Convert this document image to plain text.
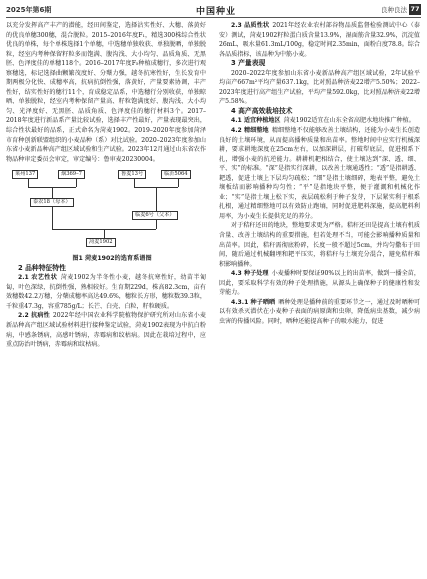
2025年第6期	中国种业	良种良法 77

以充分发挥高产丰产的潜能，经田间鉴定，选择沾实性好、大穗、落黄好的优良单穗300穗，混合脱粒。2015–2016年度F₁，精选300株综合性状优良的单株，每个单株选择1个单穗，中选穗单独收获、单独脱晒，单独脱粒，经室内考种保留籽粒多而饱满、腹沟浅、大小均匀、品质角质、无黑胚、色泽度佳的单穗118个。2016–2017年度F₅种植成穗行，多次进行观察穗选，标记选择曲颗繁茂度好、分蘖力强，越冬抗寒性好，生长发育中期两极分化快、成穗率高，抗病抗倒性强，落黄好，产量要素协调，丰产性好，结实性好的穗行11个，育成稳定品系，中选穗行分别收获，单独晾晒、单独脱粒，经室内考种保留产量高、籽粒饱满度好、腹沟浅、大小均匀、光泽度好、无黑胚、品质角质、色泽度佳的穗行材料3个。2017–2018年度进行新品系产量比较试验，选择丰产性最好，产量表现最突出，综合性状最好的品系，正式命名为菏麦1902。2019–2020年度参加菏泽市育种创新联盟组织的小麦品种（系）对比试验。2020–2023年度参加山东省小麦新品种高产组区域试验和生产试验。2023年12月通过山东省农作物品种审定委员会审定，审定编号：鲁审麦20230004。

莱州137	烟369–7	鲁麦13号	临沂5064
泰农18（母本）
临麦6号（父本）
菏麦1902

图1 菏麦1902的选育系谱图

2 品种特征特性

2.1 农艺性状  菏麦1902为半冬性小麦，越冬抗寒性好，幼苗半匍匐，叶色深绿，抗倒性强，熟相较好。生育期229d，株高82.3cm，亩有效穗数42.2万穗，分蘖成穗率高达49.6%，穗粒长方形，穗粒数39.3粒，千粒重47.3g，容重785g/L；长芒、白壳、白粒，籽粒硬质。

2.2 抗病性  2022年经中国农业科学院植物保护研究所对山东省小麦新品种高产组区域试验材料进行接种鉴定试验，菏麦1902表现为中抗白粉病，中感条锈病，高感叶锈病，赤霉病和纹枯病。因此在栽培过程中，应重点防治叶锈病，赤霉病和纹枯病。

2.3 品质性状  2021年经农业农村部谷物品质监督检验测试中心（泰安）测试，菏麦1902籽粒蛋白质含量13.9%，湿面筋含量32.9%，沉淀值26mL，吸水量61.3mL/100g，稳定时间2.35min，面粉白度78.8。综合各品质指标，该品种为中筋小麦。

3 产量表现

2020–2022年度参加山东省小麦新品种高产组区域试验，2年试验平均亩产667m²平均产量637.1kg，比对照品种济麦22增产5.50%；2022–2023年度进行高产组生产试验，平均产量592.0kg，比对照品种济麦22增产5.58%。

4 高产高效栽培技术

4.1 适宜种植地区  菏麦1902适宜在山东全省高肥水地块推广种植。

4.2 精细整地  精细整地不仅能够改善土壤结构，还能为小麦生长创造良好的土壤环境，从而提高播种质量和出苗率。整地时间中应实行机械深耕，要求耕地深度在25cm左右，以加深耕层，打破犁底层，促进根系下扎，增强小麦的抗逆能力。耕耕机耙相结合，使土壤达到“深、透、细、平、实”的标准。“深”是指实行深耕，以改善土壤通透性；“透”是指耕透、耙透，促进土壤上下层均匀疏松；“细”是指土壤细碎，地表平整，避免土壤板结而影响播种均匀性；“平”是指地块平整，便于灌溉和机械化作业；“实”是指土壤上松下实，表层疏松利于种子发芽，下层紧实利于根系扎根，通过精细整地可以有效防止跑墒，同时促进肥料深施，提高肥料利用率，为小麦生长提供充足的养分。

对于秸秆还田的地块，整地要求更为严格。秸秆还田是提高土壤有机质含量、改善土壤结构的重要措施，但若处理不当，可能会影响播种质量和出苗率。因此，秸秆需彻底粉碎，长度一般不超过5cm，并均匀撒布于田间，随后通过机械翻埋和耙平压实，将秸秆与土壤充分混合，避免秸秆堆积影响播种。

4.3 种子处理  小麦播种时要保证90%以上的出苗率，做到一播全苗，因此，要采取科学有效的种子处理措施，从源头上确保种子的健康性和发芽能力。

4.3.1 种子晒晒  晒种处理是播种前的重要环节之一，通过及时晒种可以有效杀灭潜伏在小麦种子表面的病原菌和虫卵，降低病虫基数，减少病虫害的传播风险。同时，晒种还能提高种子的吸水能力，促进
